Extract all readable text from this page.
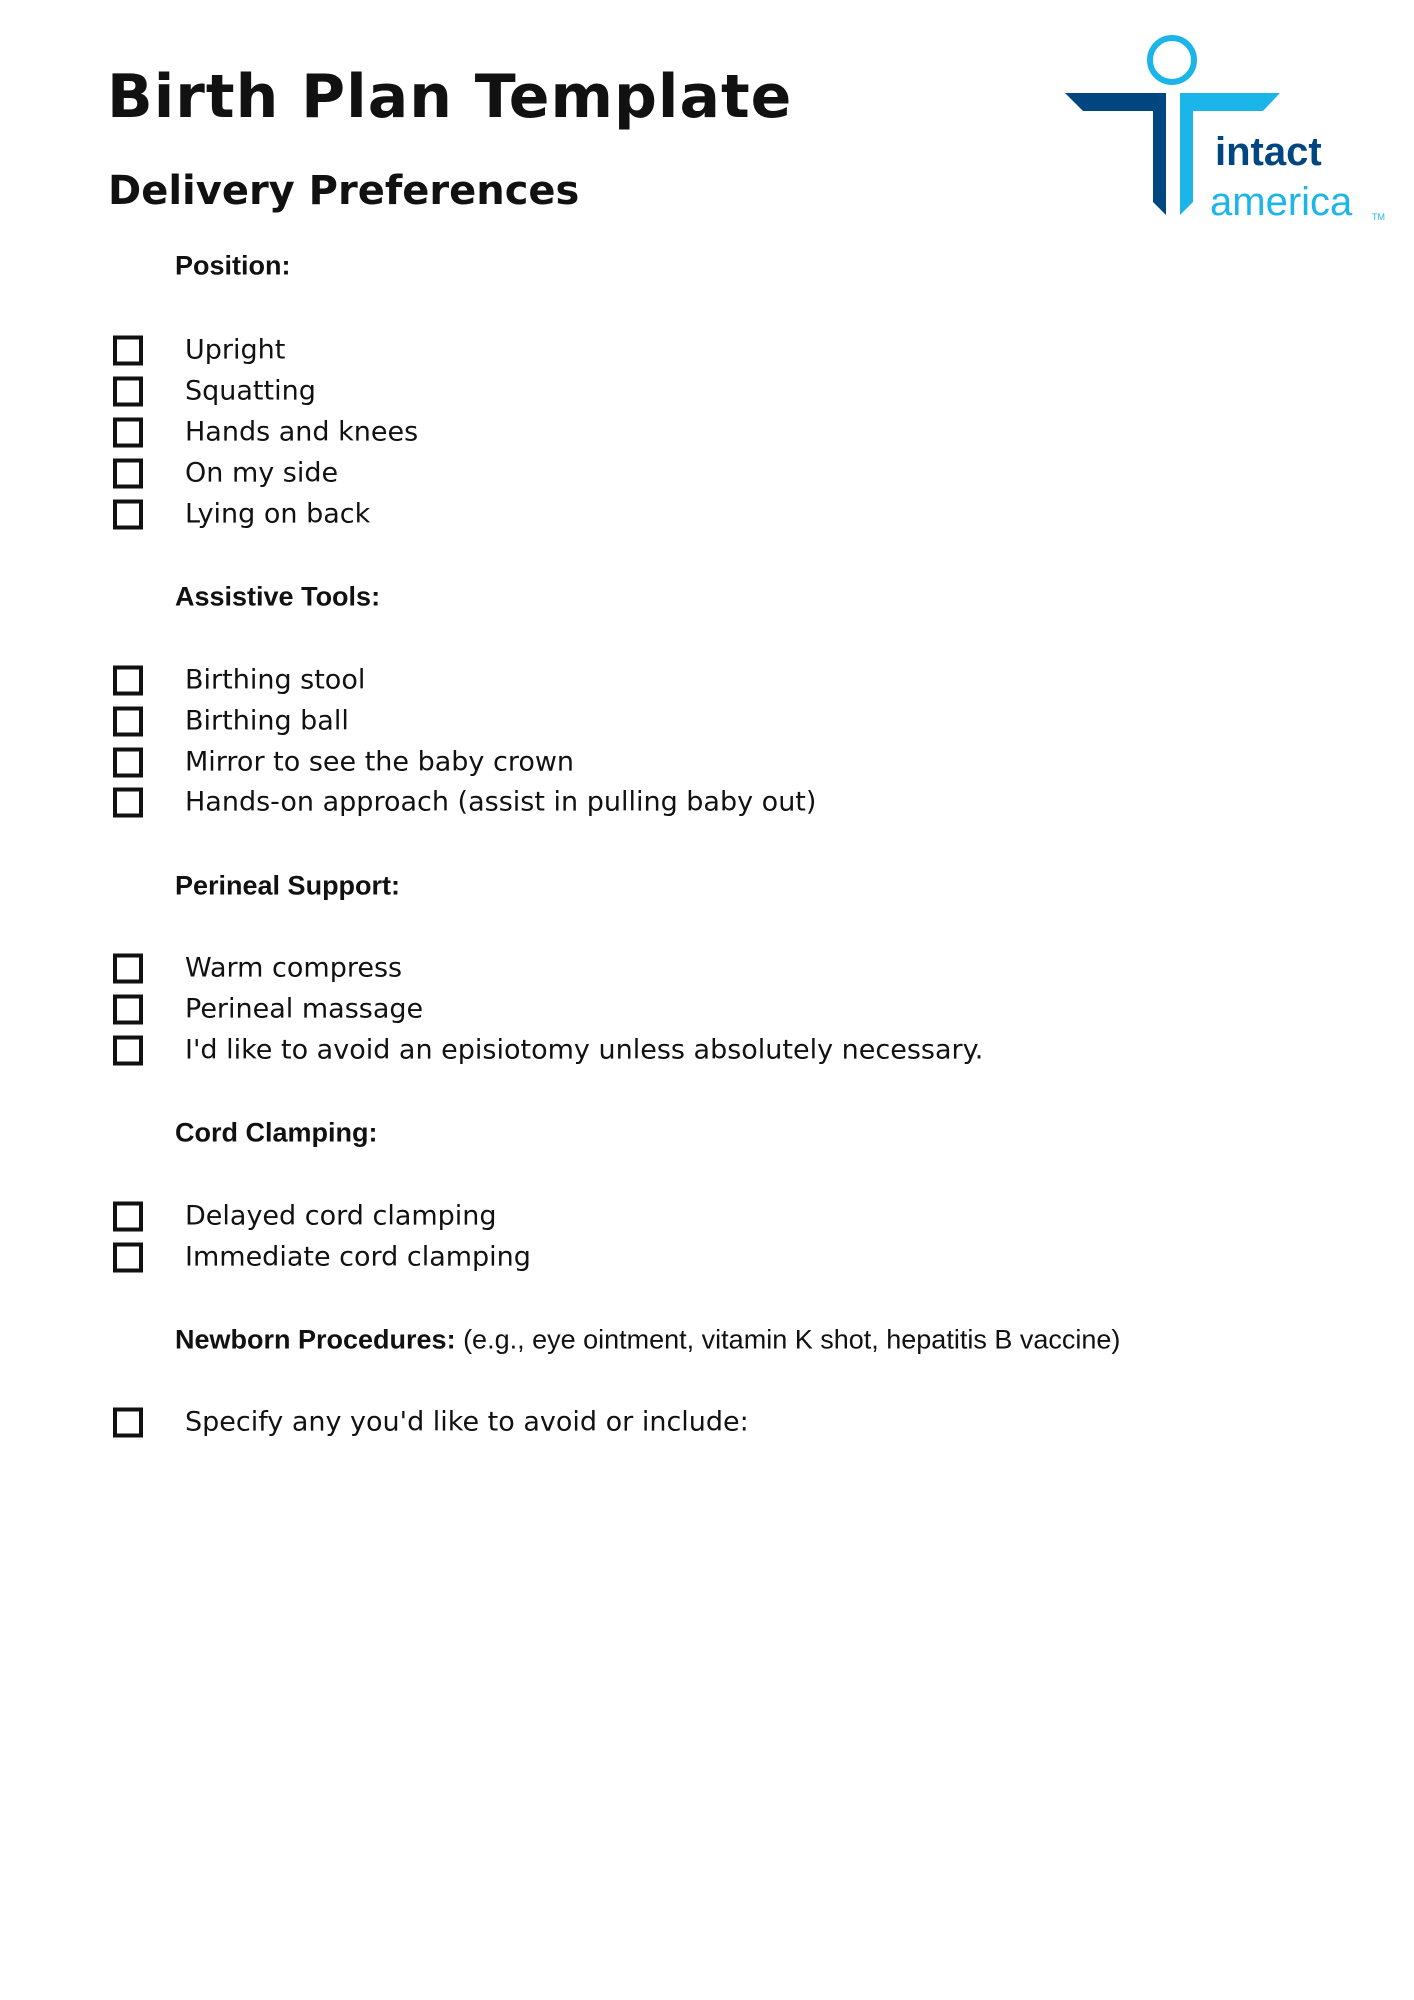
Birth Plan Template
Delivery Preferences
intact
america TM
Position:
Upright
Squatting
Hands and knees
On my side
Lying on back
Assistive Tools:
Birthing stool
Birthing ball
Mirror to see the baby crown
Hands-on approach (assist in pulling baby out)
Perineal Support:
Warm compress
Perineal massage
I'd like to avoid an episiotomy unless absolutely necessary.
Cord Clamping:
Delayed cord clamping
Immediate cord clamping
Newborn Procedures: (e.g., eye ointment, vitamin K shot, hepatitis B vaccine)
Specify any you'd like to avoid or include:
